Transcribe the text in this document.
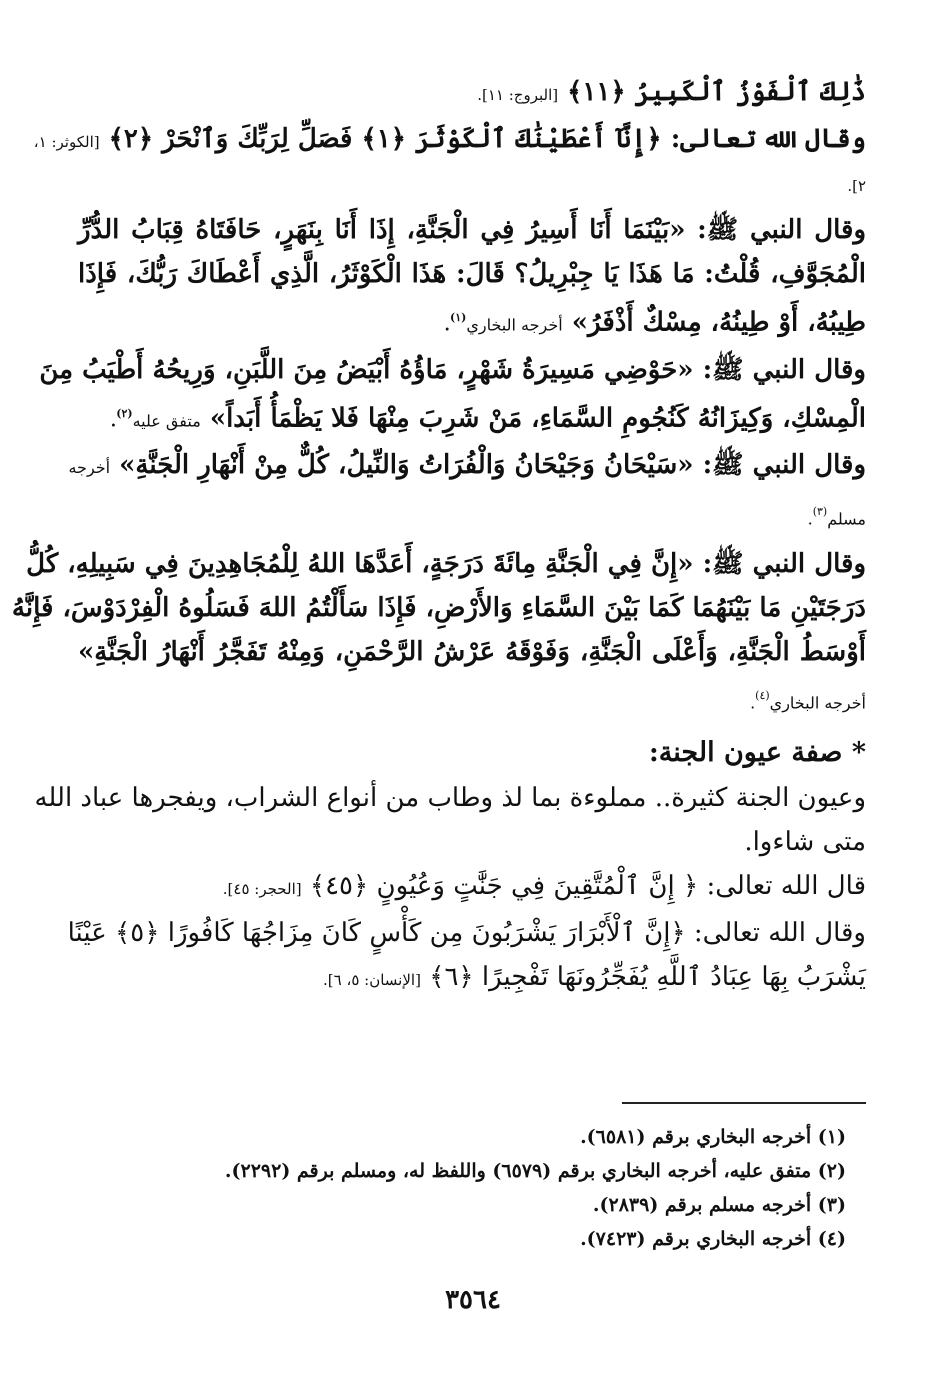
ذَٰلِكَ ٱلْفَوْزُ ٱلْكَبِيرُ ﴿١١﴾ [البروج: ١١].
وقال الله تعالى: ﴿إِنَّآ أَعْطَيْنَٰكَ ٱلْكَوْثَرَ ﴿١﴾ فَصَلِّ لِرَبِّكَ وَٱنْحَرْ ﴿٢﴾ [الكوثر: ١،
٢].
وقال النبي ﷺ: «بَيْنَمَا أَنَا أَسِيرُ فِي الْجَنَّةِ، إِذَا أَنَا بِنَهَرٍ، حَافَتَاهُ قِبَابُ الدُّرِّ
الْمُجَوَّفِ، قُلْتُ: مَا هَذَا يَا جِبْرِيلُ؟ قَالَ: هَذَا الْكَوْثَرُ، الَّذِي أَعْطَاكَ رَبُّكَ، فَإِذَا
طِيبُهُ، أَوْ طِينُهُ، مِسْكٌ أَذْفَرُ» أخرجه البخاري$^{(١)}$.
وقال النبي ﷺ: «حَوْضِي مَسِيرَةُ شَهْرٍ، مَاؤُهُ أَبْيَضُ مِنَ اللَّبَنِ، وَرِيحُهُ أَطْيَبُ مِنَ
الْمِسْكِ، وَكِيزَانُهُ كَنُجُومِ السَّمَاءِ، مَنْ شَرِبَ مِنْهَا فَلا يَظْمَأُ أَبَداً» متفق عليه$^{(٢)}$.
وقال النبي ﷺ: «سَيْحَانُ وَجَيْحَانُ وَالْفُرَاتُ وَالنِّيلُ، كُلٌّ مِنْ أَنْهَارِ الْجَنَّةِ» أخرجه
مسلم$^{(٣)}$.
وقال النبي ﷺ: «إِنَّ فِي الْجَنَّةِ مِائَةَ دَرَجَةٍ، أَعَدَّهَا اللهُ لِلْمُجَاهِدِينَ فِي سَبِيلِهِ، كُلُّ
دَرَجَتَيْنِ مَا بَيْنَهُمَا كَمَا بَيْنَ السَّمَاءِ وَالأَرْضِ، فَإِذَا سَأَلْتُمُ اللهَ فَسَلُوهُ الْفِرْدَوْسَ، فَإِنَّهُ
أَوْسَطُ الْجَنَّةِ، وَأَعْلَى الْجَنَّةِ، وَفَوْقَهُ عَرْشُ الرَّحْمَنِ، وَمِنْهُ تَفَجَّرُ أَنْهَارُ الْجَنَّةِ»
أخرجه البخاري$^{(٤)}$.
* صفة عيون الجنة:
وعيون الجنة كثيرة.. مملوءة بما لذ وطاب من أنواع الشراب، ويفجرها عباد الله
متى شاءوا.
قال الله تعالى: ﴿ إِنَّ ٱلْمُتَّقِينَ فِي جَنَّٰتٍ وَعُيُونٍ ﴿٤٥﴾ [الحجر: ٤٥].
وقال الله تعالى: ﴿إِنَّ ٱلْأَبْرَارَ يَشْرَبُونَ مِن كَأْسٍ كَانَ مِزَاجُهَا كَافُورًا ﴿٥﴾ عَيْنًا
يَشْرَبُ بِهَا عِبَادُ ٱللَّهِ يُفَجِّرُونَهَا تَفْجِيرًا ﴿٦﴾ [الإنسان: ٥، ٦].
(١) أخرجه البخاري برقم (٦٥٨١).
(٢) متفق عليه، أخرجه البخاري برقم (٦٥٧٩) واللفظ له، ومسلم برقم (٢٢٩٢).
(٣) أخرجه مسلم برقم (٢٨٣٩).
(٤) أخرجه البخاري برقم (٧٤٢٣).
٣٥٦٤
